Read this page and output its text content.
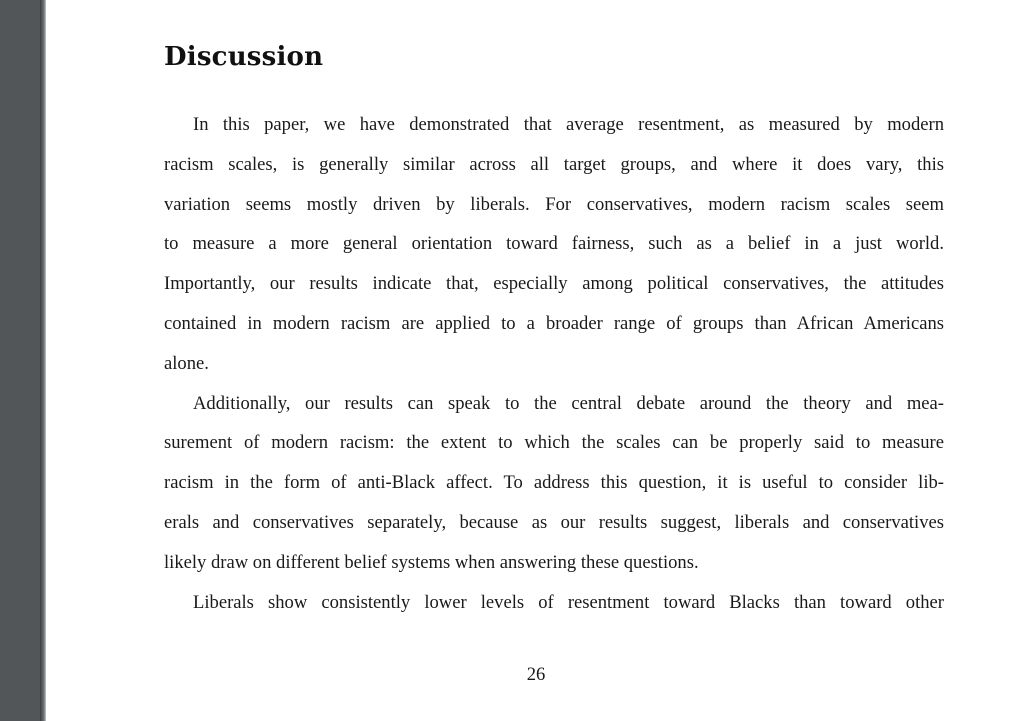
Discussion
In this paper, we have demonstrated that average resentment, as measured by modern
racism scales, is generally similar across all target groups, and where it does vary, this
variation seems mostly driven by liberals. For conservatives, modern racism scales seem
to measure a more general orientation toward fairness, such as a belief in a just world.
Importantly, our results indicate that, especially among political conservatives, the attitudes
contained in modern racism are applied to a broader range of groups than African Americans
alone.
Additionally, our results can speak to the central debate around the theory and mea-
surement of modern racism: the extent to which the scales can be properly said to measure
racism in the form of anti-Black affect. To address this question, it is useful to consider lib-
erals and conservatives separately, because as our results suggest, liberals and conservatives
likely draw on different belief systems when answering these questions.
Liberals show consistently lower levels of resentment toward Blacks than toward other
26
